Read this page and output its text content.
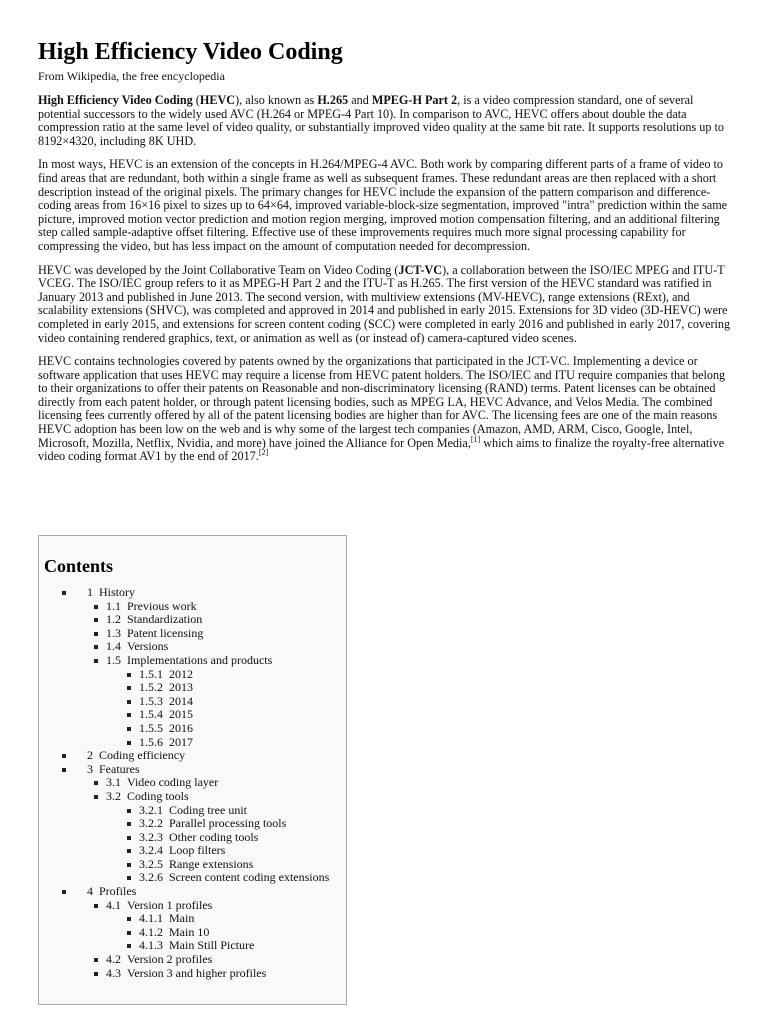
High Efficiency Video Coding
From Wikipedia, the free encyclopedia

High Efficiency Video Coding (HEVC), also known as H.265 and MPEG-H Part 2, is a video compression standard, one of several potential successors to the widely used AVC (H.264 or MPEG-4 Part 10). In comparison to AVC, HEVC offers about double the data compression ratio at the same level of video quality, or substantially improved video quality at the same bit rate. It supports resolutions up to 8192×4320, including 8K UHD.

In most ways, HEVC is an extension of the concepts in H.264/MPEG-4 AVC. Both work by comparing different parts of a frame of video to find areas that are redundant, both within a single frame as well as subsequent frames. These redundant areas are then replaced with a short description instead of the original pixels. The primary changes for HEVC include the expansion of the pattern comparison and difference-coding areas from 16×16 pixel to sizes up to 64×64, improved variable-block-size segmentation, improved "intra" prediction within the same picture, improved motion vector prediction and motion region merging, improved motion compensation filtering, and an additional filtering step called sample-adaptive offset filtering. Effective use of these improvements requires much more signal processing capability for compressing the video, but has less impact on the amount of computation needed for decompression.

HEVC was developed by the Joint Collaborative Team on Video Coding (JCT-VC), a collaboration between the ISO/IEC MPEG and ITU-T VCEG. The ISO/IEC group refers to it as MPEG-H Part 2 and the ITU-T as H.265. The first version of the HEVC standard was ratified in January 2013 and published in June 2013. The second version, with multiview extensions (MV-HEVC), range extensions (RExt), and scalability extensions (SHVC), was completed and approved in 2014 and published in early 2015. Extensions for 3D video (3D-HEVC) were completed in early 2015, and extensions for screen content coding (SCC) were completed in early 2016 and published in early 2017, covering video containing rendered graphics, text, or animation as well as (or instead of) camera-captured video scenes.

HEVC contains technologies covered by patents owned by the organizations that participated in the JCT-VC. Implementing a device or software application that uses HEVC may require a license from HEVC patent holders. The ISO/IEC and ITU require companies that belong to their organizations to offer their patents on Reasonable and non-discriminatory licensing (RAND) terms. Patent licenses can be obtained directly from each patent holder, or through patent licensing bodies, such as MPEG LA, HEVC Advance, and Velos Media. The combined licensing fees currently offered by all of the patent licensing bodies are higher than for AVC. The licensing fees are one of the main reasons HEVC adoption has been low on the web and is why some of the largest tech companies (Amazon, AMD, ARM, Cisco, Google, Intel, Microsoft, Mozilla, Netflix, Nvidia, and more) have joined the Alliance for Open Media,[1] which aims to finalize the royalty-free alternative video coding format AV1 by the end of 2017.[2]

Contents
1 History
1.1 Previous work
1.2 Standardization
1.3 Patent licensing
1.4 Versions
1.5 Implementations and products
1.5.1 2012
1.5.2 2013
1.5.3 2014
1.5.4 2015
1.5.5 2016
1.5.6 2017
2 Coding efficiency
3 Features
3.1 Video coding layer
3.2 Coding tools
3.2.1 Coding tree unit
3.2.2 Parallel processing tools
3.2.3 Other coding tools
3.2.4 Loop filters
3.2.5 Range extensions
3.2.6 Screen content coding extensions
4 Profiles
4.1 Version 1 profiles
4.1.1 Main
4.1.2 Main 10
4.1.3 Main Still Picture
4.2 Version 2 profiles
4.3 Version 3 and higher profiles
